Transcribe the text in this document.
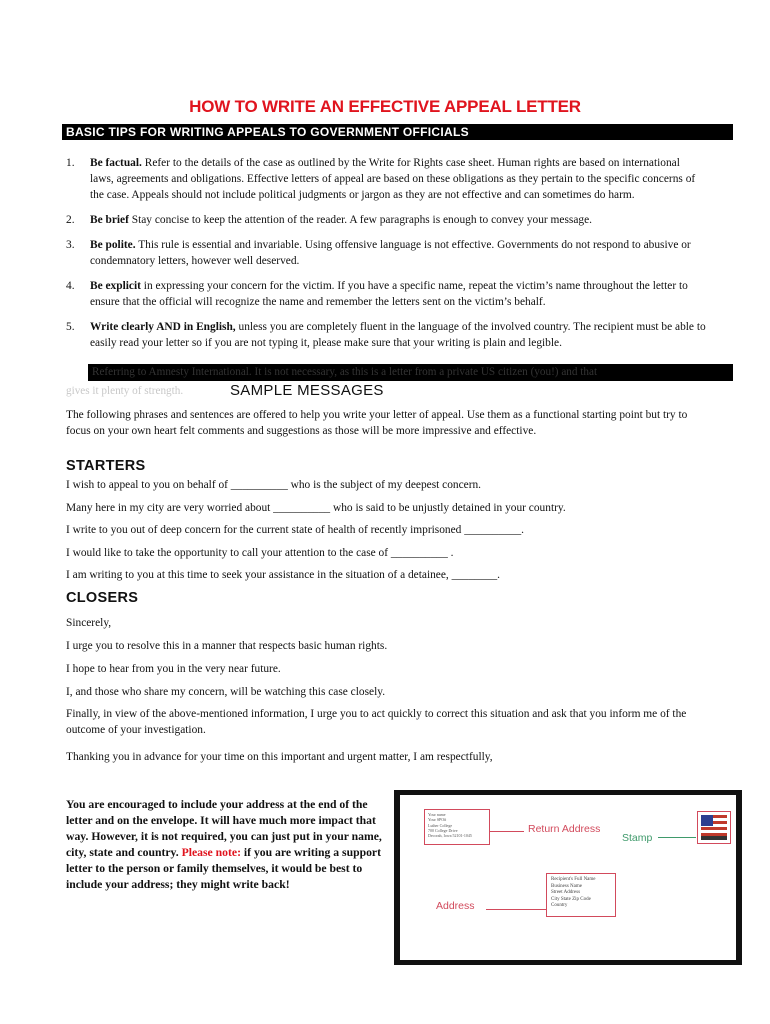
HOW TO WRITE AN EFFECTIVE APPEAL LETTER
BASIC TIPS FOR WRITING APPEALS TO GOVERNMENT OFFICIALS
1. Be factual. Refer to the details of the case as outlined by the Write for Rights case sheet. Human rights are based on international laws, agreements and obligations. Effective letters of appeal are based on these obligations as they pertain to the specific concerns of the case. Appeals should not include political judgments or jargon as they are not effective and can sometimes do harm.
2. Be brief Stay concise to keep the attention of the reader. A few paragraphs is enough to convey your message.
3. Be polite. This rule is essential and invariable. Using offensive language is not effective. Governments do not respond to abusive or condemnatory letters, however well deserved.
4. Be explicit in expressing your concern for the victim. If you have a specific name, repeat the victim’s name throughout the letter to ensure that the official will recognize the name and remember the letters sent on the victim’s behalf.
5. Write clearly AND in English, unless you are completely fluent in the language of the involved country. The recipient must be able to easily read your letter so if you are not typing it, please make sure that your writing is plain and legible.
Referring to Amnesty International. It is not necessary, as this is a letter from a private US citizen (you!) and that
gives it plenty of strength.	SAMPLE MESSAGES
The following phrases and sentences are offered to help you write your letter of appeal. Use them as a functional starting point but try to focus on your own heart felt comments and suggestions as those will be more impressive and effective.
STARTERS
I wish to appeal to you on behalf of __________ who is the subject of my deepest concern.
Many here in my city are very worried about __________ who is said to be unjustly detained in your country.
I write to you out of deep concern for the current state of health of recently imprisoned __________.
I would like to take the opportunity to call your attention to the case of __________ .
I am writing to you at this time to seek your assistance in the situation of a detainee, ________.
CLOSERS
Sincerely,
I urge you to resolve this in a manner that respects basic human rights.
I hope to hear from you in the very near future.
I, and those who share my concern, will be watching this case closely.
Finally, in view of the above-mentioned information, I urge you to act quickly to correct this situation and ask that you inform me of the outcome of your investigation.
Thanking you in advance for your time on this important and urgent matter, I am respectfully,
You are encouraged to include your address at the end of the letter and on the envelope. It will have much more impact that way. However, it is not required, you can just put in your name, city, state and country. Please note: if you are writing a support letter to the person or family themselves, it would be best to include your address; they might write back!
Your name
Your SPO#
Luther College
700 College Drive
Decorah, Iowa 52101-1045
Return Address
Stamp
Recipient's Full Name
Business Name
Street Address
City State Zip Code
Country
Address
